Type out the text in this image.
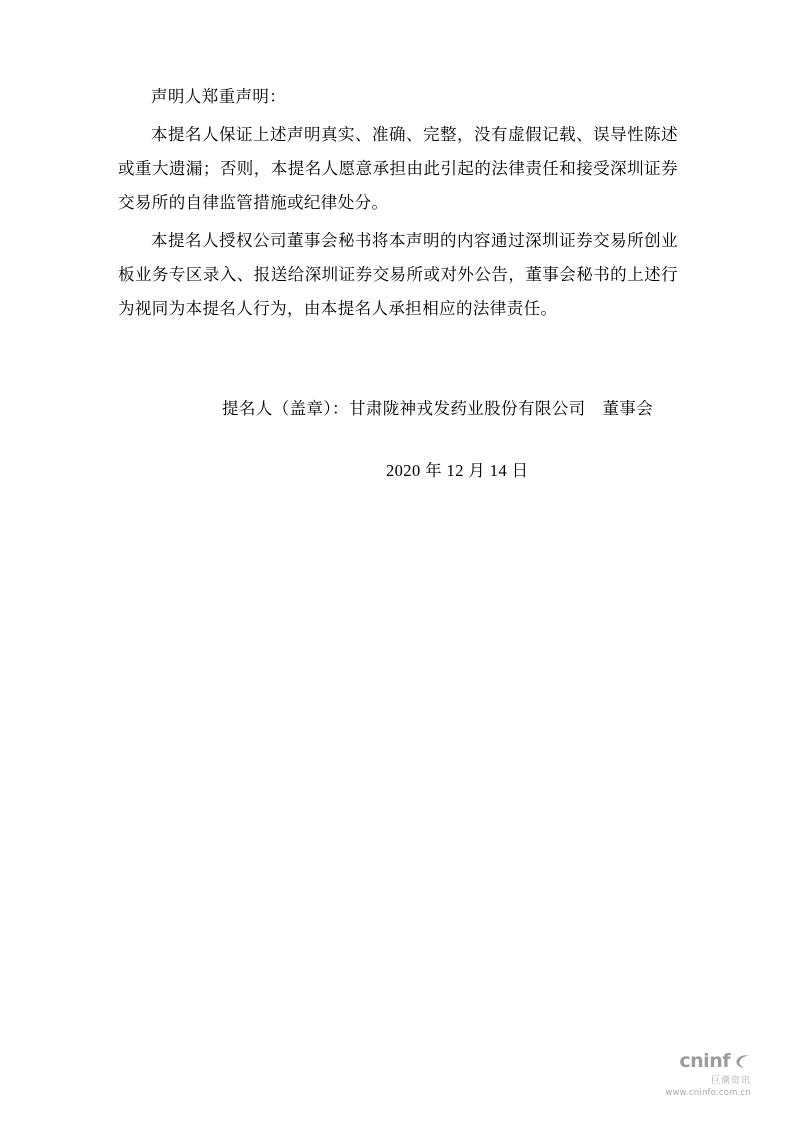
声明人郑重声明：

本提名人保证上述声明真实、准确、完整，没有虚假记载、误导性陈述或重大遗漏；否则，本提名人愿意承担由此引起的法律责任和接受深圳证券交易所的自律监管措施或纪律处分。

本提名人授权公司董事会秘书将本声明的内容通过深圳证券交易所创业板业务专区录入、报送给深圳证券交易所或对外公告，董事会秘书的上述行为视同为本提名人行为，由本提名人承担相应的法律责任。

提名人（盖章）：甘肃陇神戎发药业股份有限公司　董事会
2020 年 12 月 14 日
cninf
巨潮资讯
www.cninfo.com.cn
